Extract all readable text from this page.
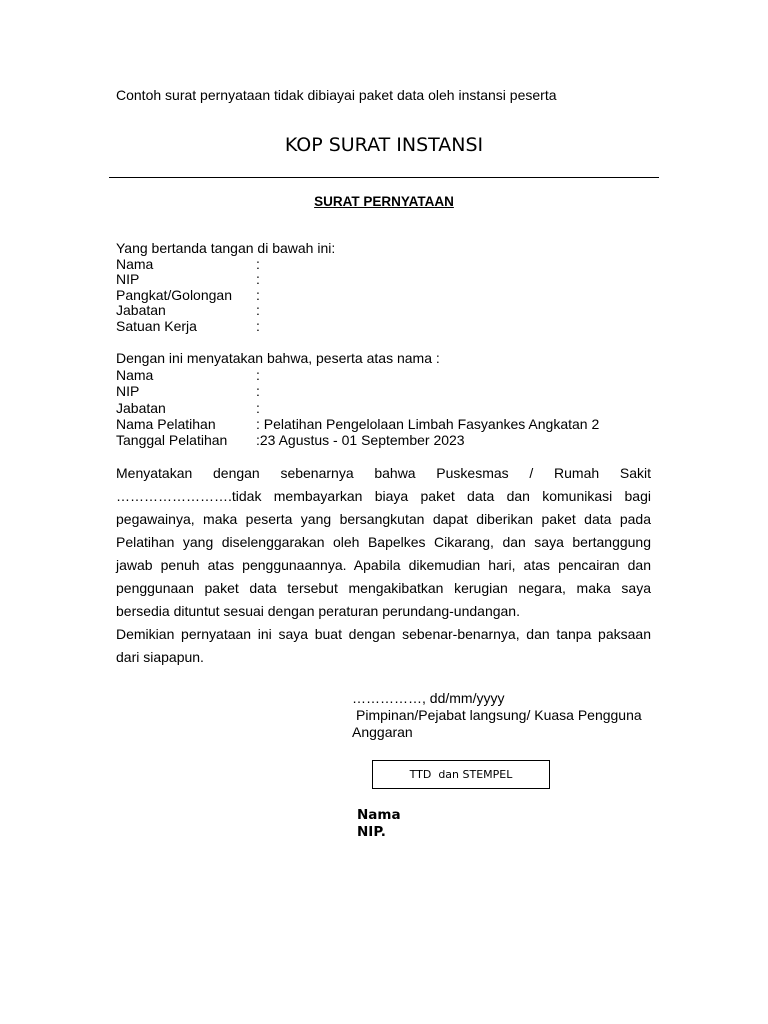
Contoh surat pernyataan tidak dibiayai paket data oleh instansi peserta
KOP SURAT INSTANSI
SURAT PERNYATAAN
Yang bertanda tangan di bawah ini:
Nama	:
NIP	:
Pangkat/Golongan :
Jabatan	:
Satuan Kerja	:
Dengan ini menyatakan bahwa, peserta atas nama :
Nama	:
NIP	:
Jabatan	:
Nama Pelatihan	: Pelatihan Pengelolaan Limbah Fasyankes Angkatan 2
Tanggal Pelatihan :23 Agustus - 01 September 2023
Menyatakan dengan sebenarnya bahwa Puskesmas / Rumah Sakit
…………………….tidak membayarkan biaya paket data dan komunikasi bagi
pegawainya, maka peserta yang bersangkutan dapat diberikan paket data pada
Pelatihan yang diselenggarakan oleh Bapelkes Cikarang, dan saya bertanggung
jawab penuh atas penggunaannya. Apabila dikemudian hari, atas pencairan dan
penggunaan paket data tersebut mengakibatkan kerugian negara, maka saya
bersedia dituntut sesuai dengan peraturan perundang-undangan.
Demikian pernyataan ini saya buat dengan sebenar-benarnya, dan tanpa paksaan
dari siapapun.
……………, dd/mm/yyyy
Pimpinan/Pejabat langsung/ Kuasa Pengguna
Anggaran
TTD  dan STEMPEL
Nama
NIP.
